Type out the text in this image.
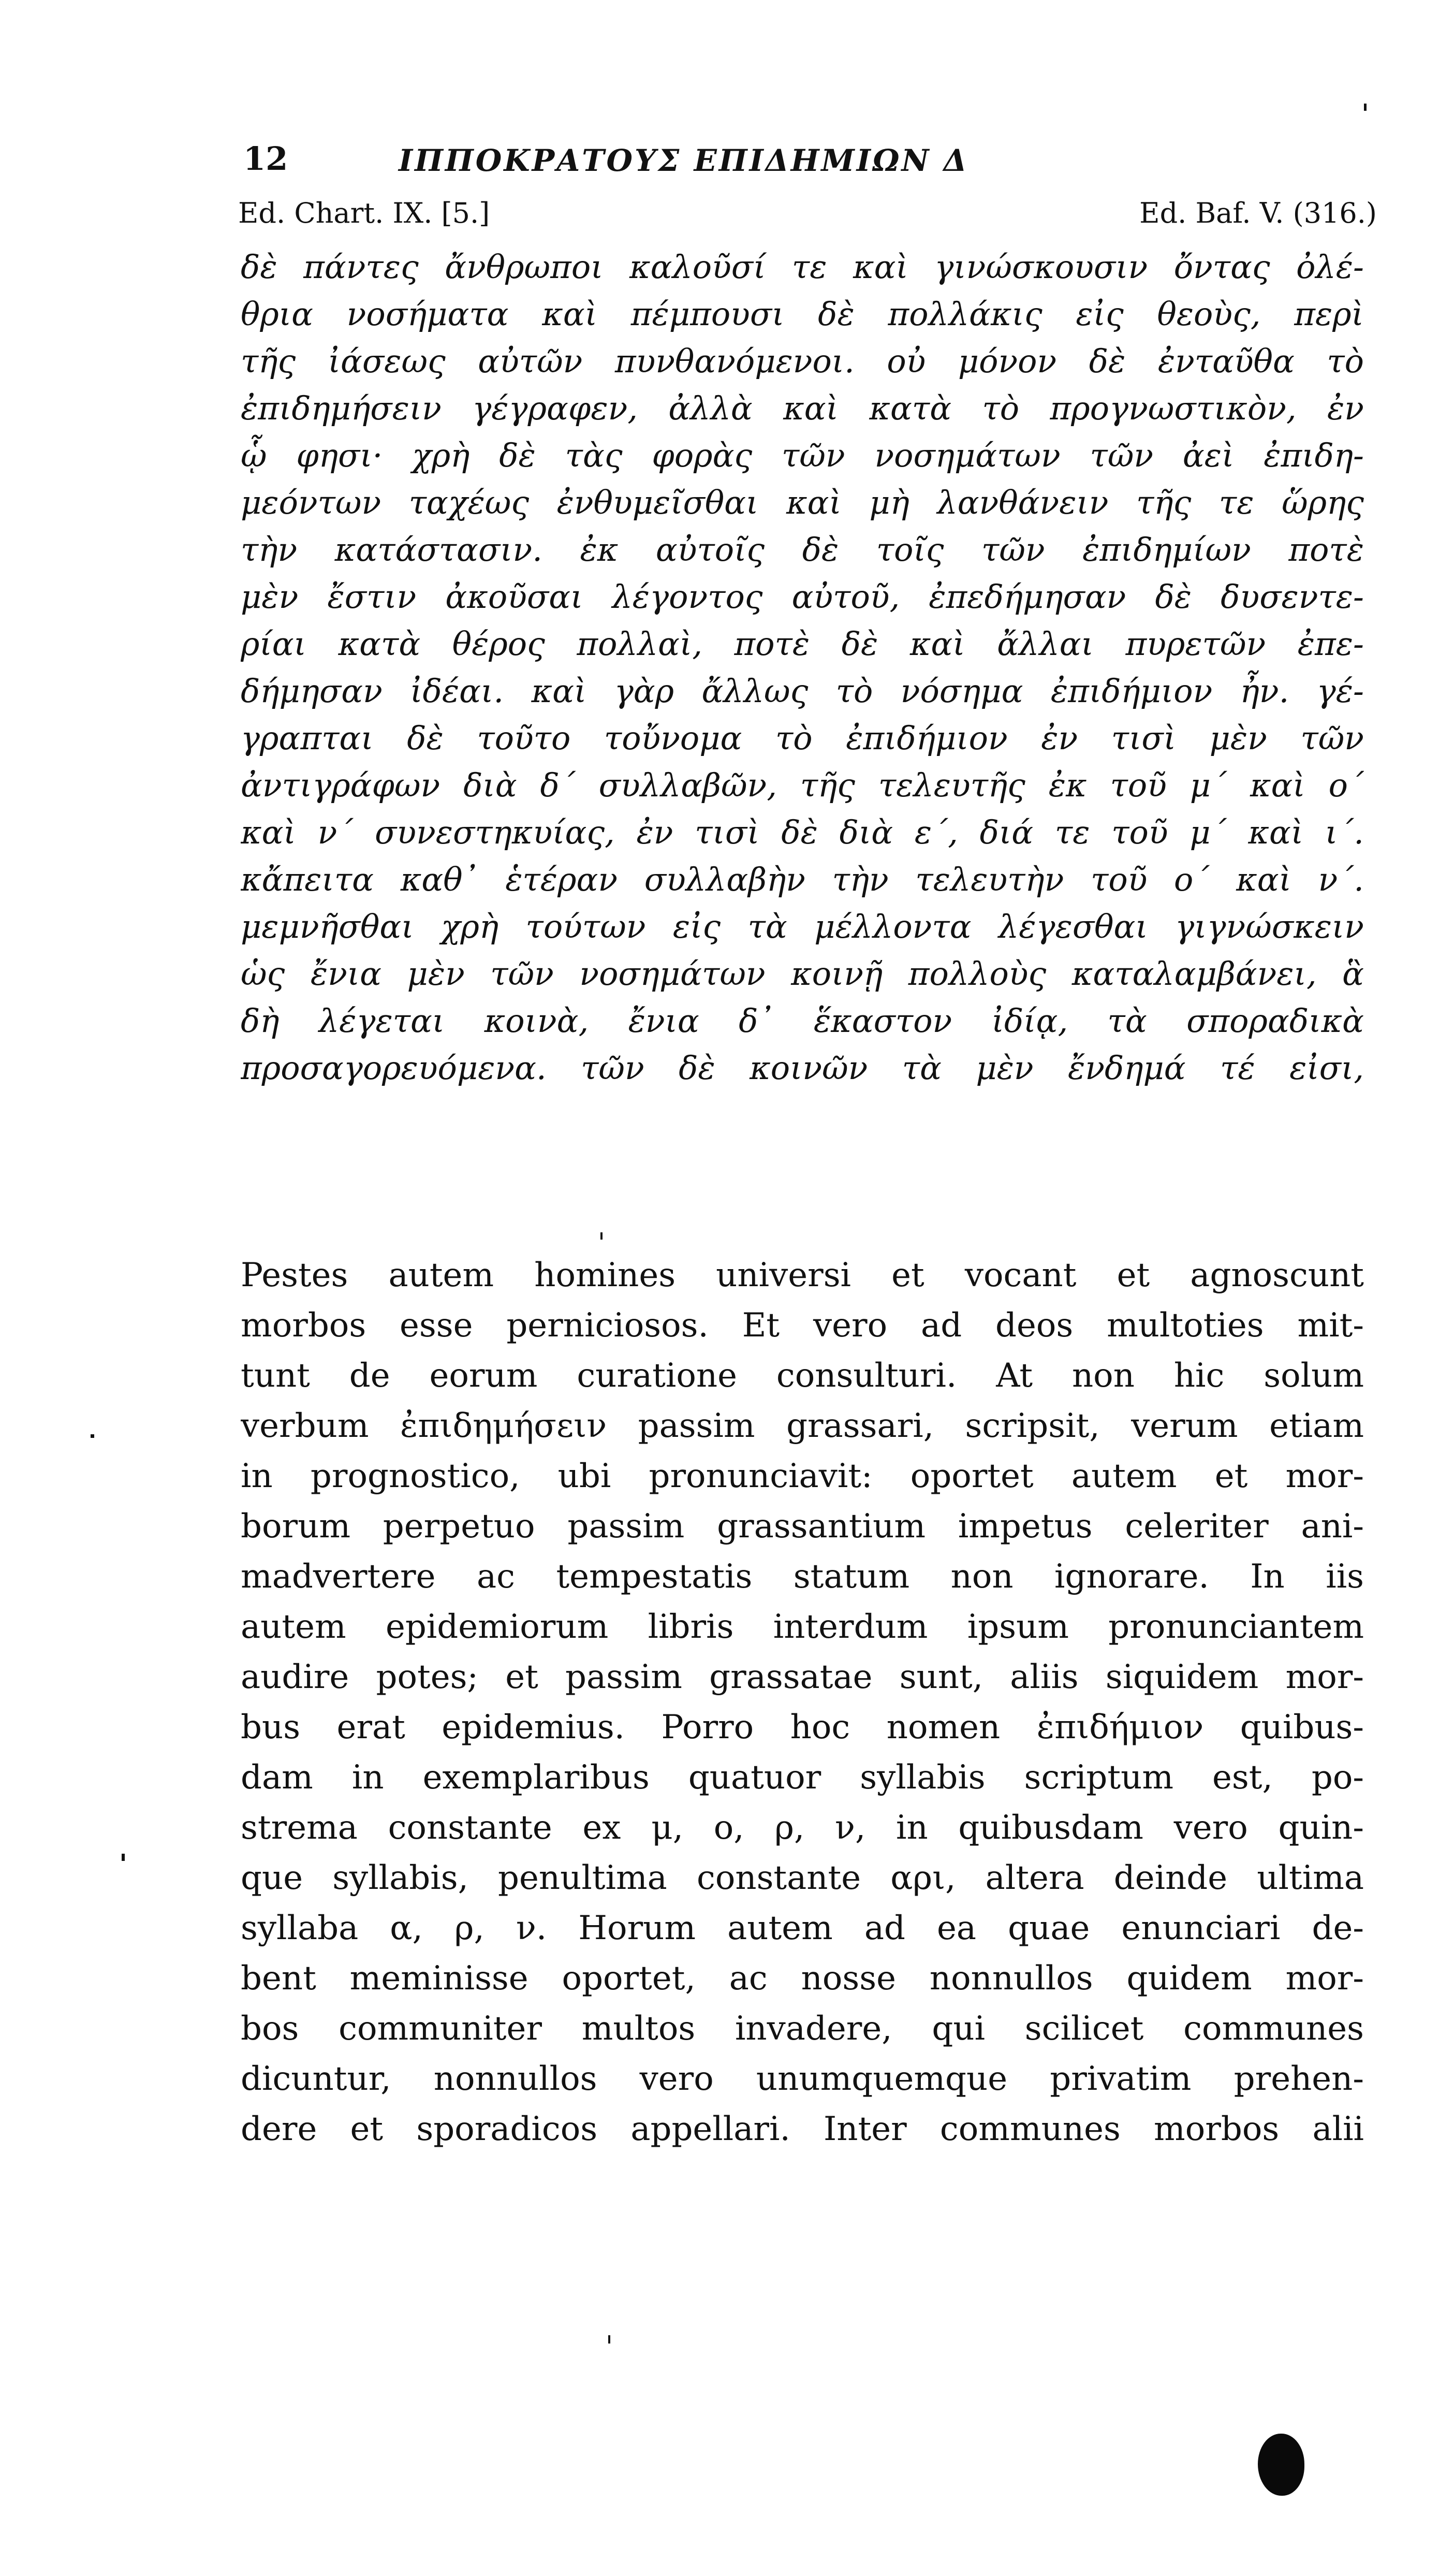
12	ΙΠΠΟΚΡΑΤΟΥΣ ΕΠΙΔΗΜΙΩΝ Δ
Ed. Chart. IX. [5.]	Ed. Baf. V. (316.)
δὲ πάντες ἄνθρωποι καλοῦσί τε καὶ γινώσκουσιν ὄντας ὀλέ-
θρια νοσήματα καὶ πέμπουσι δὲ πολλάκις εἰς θεοὺς, περὶ
τῆς ἰάσεως αὐτῶν πυνθανόμενοι. οὐ μόνον δὲ ἐνταῦθα τὸ
ἐπιδημήσειν γέγραφεν, ἀλλὰ καὶ κατὰ τὸ προγνωστικὸν, ἐν
ᾧ φησι· χρὴ δὲ τὰς φορὰς τῶν νοσημάτων τῶν ἀεὶ ἐπιδη-
μεόντων ταχέως ἐνθυμεῖσθαι καὶ μὴ λανθάνειν τῆς τε ὥρης
τὴν κατάστασιν. ἐκ αὐτοῖς δὲ τοῖς τῶν ἐπιδημίων ποτὲ
μὲν ἔστιν ἀκοῦσαι λέγοντος αὐτοῦ, ἐπεδήμησαν δὲ δυσεντε-
ρίαι κατὰ θέρος πολλαὶ, ποτὲ δὲ καὶ ἄλλαι πυρετῶν ἐπε-
δήμησαν ἰδέαι. καὶ γὰρ ἄλλως τὸ νόσημα ἐπιδήμιον ἦν. γέ-
γραπται δὲ τοῦτο τοὔνομα τὸ ἐπιδήμιον ἐν τισὶ μὲν τῶν
ἀντιγράφων διὰ δ΄ συλλαβῶν, τῆς τελευτῆς ἐκ τοῦ μ΄ καὶ ο΄
καὶ ν΄ συνεστηκυίας, ἐν τισὶ δὲ διὰ ε΄, διά τε τοῦ μ΄ καὶ ι΄.
κἄπειτα καθ᾽ ἑτέραν συλλαβὴν τὴν τελευτὴν τοῦ ο΄ καὶ ν΄.
μεμνῆσθαι χρὴ τούτων εἰς τὰ μέλλοντα λέγεσθαι γιγνώσκειν
ὡς ἔνια μὲν τῶν νοσημάτων κοινῇ πολλοὺς καταλαμβάνει, ἃ
δὴ λέγεται κοινὰ, ἔνια δ᾽ ἕκαστον ἰδίᾳ, τὰ σποραδικὰ
προσαγορευόμενα. τῶν δὲ κοινῶν τὰ μὲν ἔνδημά τέ εἰσι,
Pestes autem homines universi et vocant et agnoscunt
morbos esse perniciosos. Et vero ad deos multoties mit-
tunt de eorum curatione consulturi. At non hic solum
verbum ἐπιδημήσειν passim grassari, scripsit, verum etiam
in prognostico, ubi pronunciavit: oportet autem et mor-
borum perpetuo passim grassantium impetus celeriter ani-
madvertere ac tempestatis statum non ignorare. In iis
autem epidemiorum libris interdum ipsum pronunciantem
audire potes; et passim grassatae sunt, aliis siquidem mor-
bus erat epidemius. Porro hoc nomen ἐπιδήμιον quibus-
dam in exemplaribus quatuor syllabis scriptum est, po-
strema constante ex μ, ο, ρ, ν, in quibusdam vero quin-
que syllabis, penultima constante αρι, altera deinde ultima
syllaba α, ρ, ν. Horum autem ad ea quae enunciari de-
bent meminisse oportet, ac nosse nonnullos quidem mor-
bos communiter multos invadere, qui scilicet communes
dicuntur, nonnullos vero unumquemque privatim prehen-
dere et sporadicos appellari. Inter communes morbos alii
